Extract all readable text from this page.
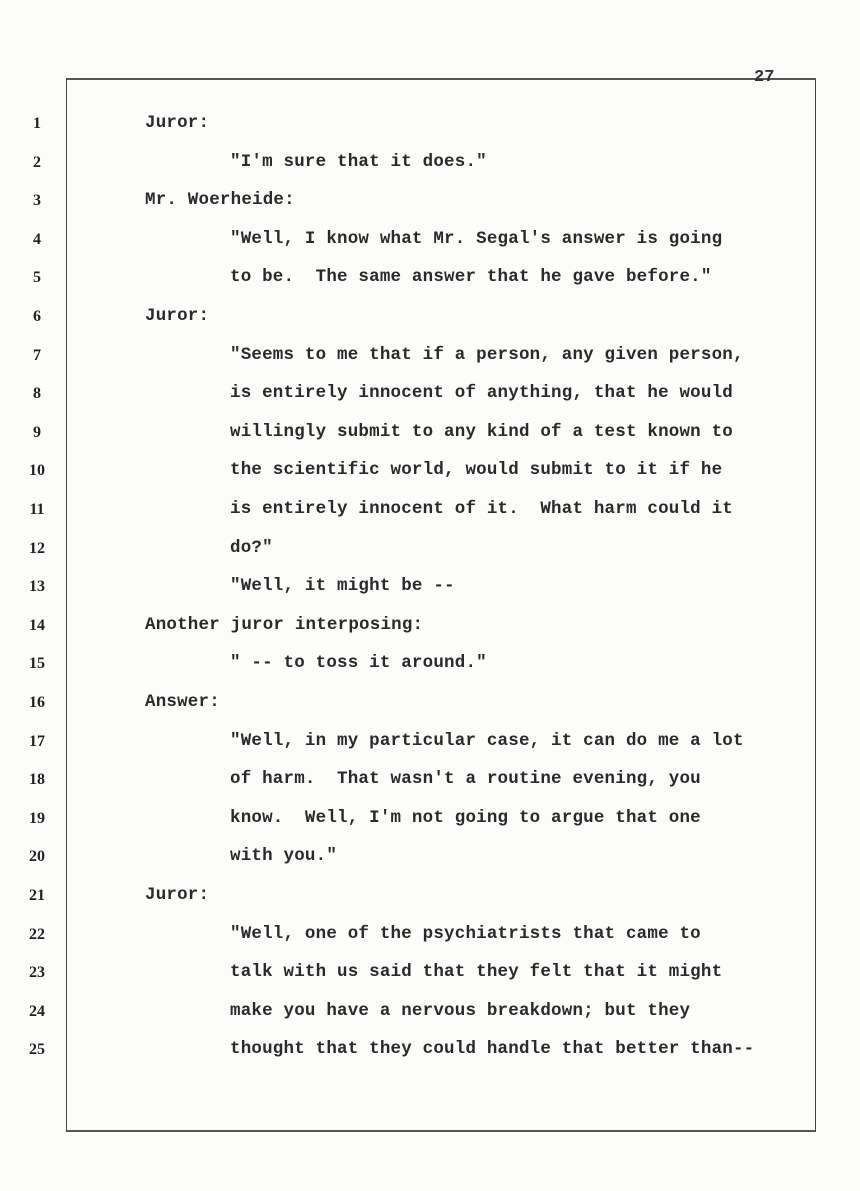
27
1	Juror:
2	"I'm sure that it does."
3	Mr. Woerheide:
4	"Well, I know what Mr. Segal's answer is going
5	to be.  The same answer that he gave before."
6	Juror:
7	"Seems to me that if a person, any given person,
8	is entirely innocent of anything, that he would
9	willingly submit to any kind of a test known to
10	the scientific world, would submit to it if he
11	is entirely innocent of it.  What harm could it
12	do?"
13	"Well, it might be --
14	Another juror interposing:
15	" -- to toss it around."
16	Answer:
17	"Well, in my particular case, it can do me a lot
18	of harm.  That wasn't a routine evening, you
19	know.  Well, I'm not going to argue that one
20	with you."
21	Juror:
22	"Well, one of the psychiatrists that came to
23	talk with us said that they felt that it might
24	make you have a nervous breakdown; but they
25	thought that they could handle that better than--
